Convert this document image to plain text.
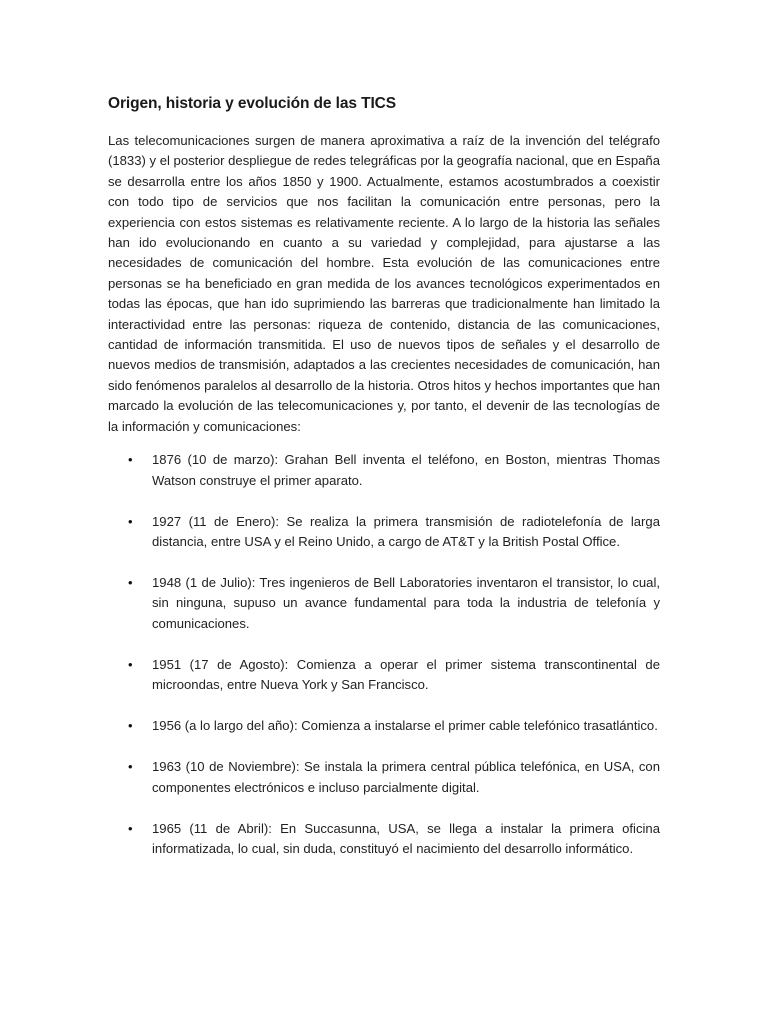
Origen, historia y evolución de las TICS

Las telecomunicaciones surgen de manera aproximativa a raíz de la invención del telégrafo (1833) y el posterior despliegue de redes telegráficas por la geografía nacional, que en España se desarrolla entre los años 1850 y 1900. Actualmente, estamos acostumbrados a coexistir con todo tipo de servicios que nos facilitan la comunicación entre personas, pero la experiencia con estos sistemas es relativamente reciente. A lo largo de la historia las señales han ido evolucionando en cuanto a su variedad y complejidad, para ajustarse a las necesidades de comunicación del hombre. Esta evolución de las comunicaciones entre personas se ha beneficiado en gran medida de los avances tecnológicos experimentados en todas las épocas, que han ido suprimiendo las barreras que tradicionalmente han limitado la interactividad entre las personas: riqueza de contenido, distancia de las comunicaciones, cantidad de información transmitida. El uso de nuevos tipos de señales y el desarrollo de nuevos medios de transmisión, adaptados a las crecientes necesidades de comunicación, han sido fenómenos paralelos al desarrollo de la historia. Otros hitos y hechos importantes que han marcado la evolución de las telecomunicaciones y, por tanto, el devenir de las tecnologías de la información y comunicaciones:

• 1876 (10 de marzo): Grahan Bell inventa el teléfono, en Boston, mientras Thomas Watson construye el primer aparato.
• 1927 (11 de Enero): Se realiza la primera transmisión de radiotelefonía de larga distancia, entre USA y el Reino Unido, a cargo de AT&T y la British Postal Office.
• 1948 (1 de Julio): Tres ingenieros de Bell Laboratories inventaron el transistor, lo cual, sin ninguna, supuso un avance fundamental para toda la industria de telefonía y comunicaciones.
• 1951 (17 de Agosto): Comienza a operar el primer sistema transcontinental de microondas, entre Nueva York y San Francisco.
• 1956 (a lo largo del año): Comienza a instalarse el primer cable telefónico trasatlántico.
• 1963 (10 de Noviembre): Se instala la primera central pública telefónica, en USA, con componentes electrónicos e incluso parcialmente digital.
• 1965 (11 de Abril): En Succasunna, USA, se llega a instalar la primera oficina informatizada, lo cual, sin duda, constituyó el nacimiento del desarrollo informático.
